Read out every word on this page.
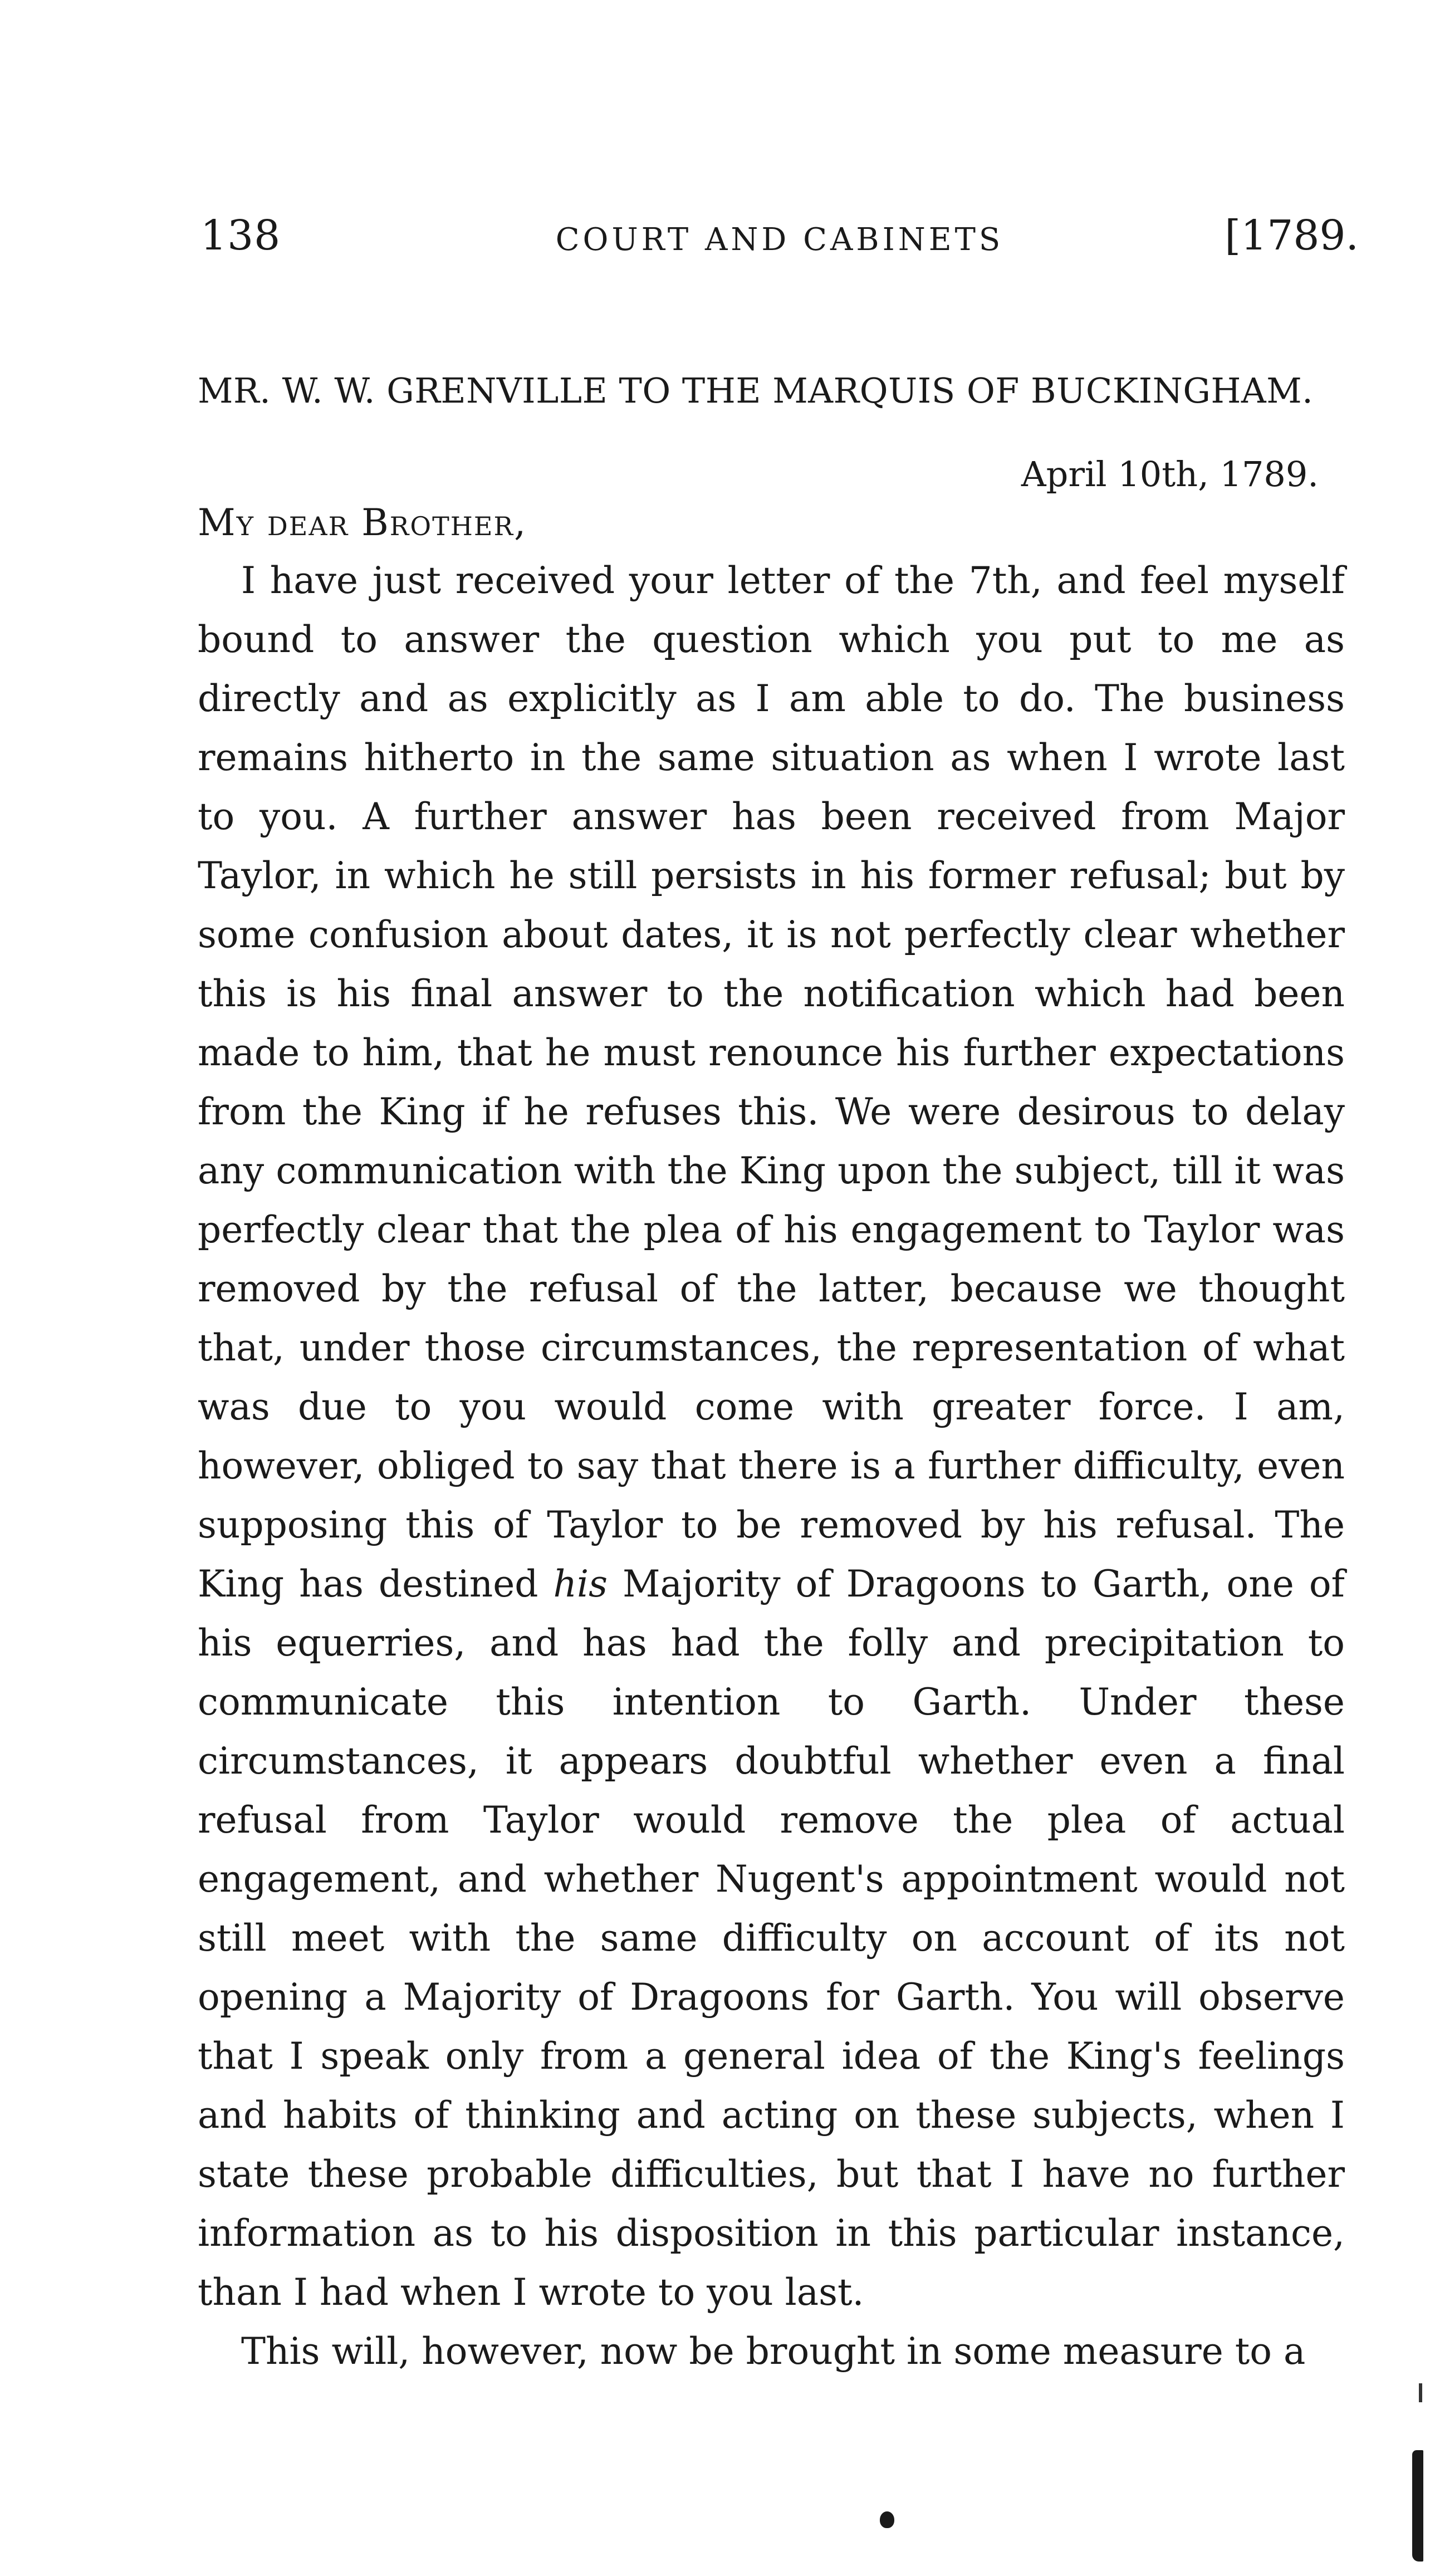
138	COURT AND CABINETS	[1789.
MR. W. W. GRENVILLE TO THE MARQUIS OF BUCKINGHAM.
April 10th, 1789.
My dear Brother,

I have just received your letter of the 7th, and feel myself bound to answer the question which you put to me as directly and as explicitly as I am able to do. The business remains hitherto in the same situation as when I wrote last to you. A further answer has been received from Major Taylor, in which he still persists in his former refusal; but by some confusion about dates, it is not perfectly clear whether this is his final answer to the notification which had been made to him, that he must renounce his further expectations from the King if he refuses this. We were desirous to delay any communication with the King upon the subject, till it was perfectly clear that the plea of his engagement to Taylor was removed by the refusal of the latter, because we thought that, under those circumstances, the representation of what was due to you would come with greater force. I am, however, obliged to say that there is a further difficulty, even supposing this of Taylor to be removed by his refusal. The King has destined his Majority of Dragoons to Garth, one of his equerries, and has had the folly and precipitation to communicate this intention to Garth. Under these circumstances, it appears doubtful whether even a final refusal from Taylor would remove the plea of actual engagement, and whether Nugent's appointment would not still meet with the same difficulty on account of its not opening a Majority of Dragoons for Garth. You will observe that I speak only from a general idea of the King's feelings and habits of thinking and acting on these subjects, when I state these probable difficulties, but that I have no further information as to his disposition in this particular instance, than I had when I wrote to you last.

This will, however, now be brought in some measure to a
